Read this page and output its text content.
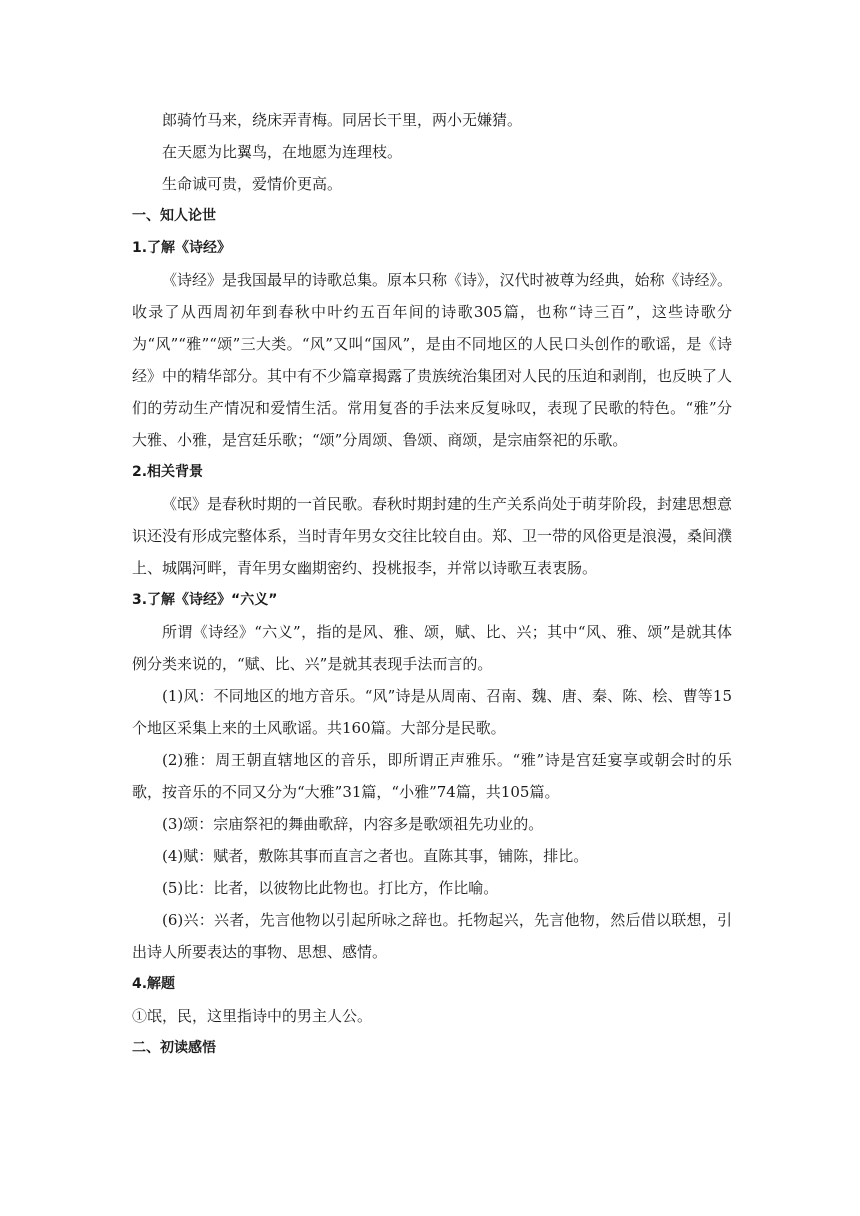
郎骑竹马来，绕床弄青梅。同居长干里，两小无嫌猜。

在天愿为比翼鸟，在地愿为连理枝。

生命诚可贵，爱情价更高。

一、知人论世

1.了解《诗经》

《诗经》是我国最早的诗歌总集。原本只称《诗》，汉代时被尊为经典，始称《诗经》。收录了从西周初年到春秋中叶约五百年间的诗歌305篇，也称“诗三百”，这些诗歌分为“风”“雅”“颂”三大类。“风”又叫“国风”，是由不同地区的人民口头创作的歌谣，是《诗经》中的精华部分。其中有不少篇章揭露了贵族统治集团对人民的压迫和剥削，也反映了人们的劳动生产情况和爱情生活。常用复沓的手法来反复咏叹，表现了民歌的特色。“雅”分大雅、小雅，是宫廷乐歌；“颂”分周颂、鲁颂、商颂，是宗庙祭祀的乐歌。

2.相关背景

《氓》是春秋时期的一首民歌。春秋时期封建的生产关系尚处于萌芽阶段，封建思想意识还没有形成完整体系，当时青年男女交往比较自由。郑、卫一带的风俗更是浪漫，桑间濮上、城隅河畔，青年男女幽期密约、投桃报李，并常以诗歌互表衷肠。

3.了解《诗经》“六义”

所谓《诗经》“六义”，指的是风、雅、颂，赋、比、兴；其中“风、雅、颂”是就其体例分类来说的，“赋、比、兴”是就其表现手法而言的。

(1)风：不同地区的地方音乐。“风”诗是从周南、召南、魏、唐、秦、陈、桧、曹等15个地区采集上来的土风歌谣。共160篇。大部分是民歌。

(2)雅：周王朝直辖地区的音乐，即所谓正声雅乐。“雅”诗是宫廷宴享或朝会时的乐歌，按音乐的不同又分为“大雅”31篇，“小雅”74篇，共105篇。

(3)颂：宗庙祭祀的舞曲歌辞，内容多是歌颂祖先功业的。

(4)赋：赋者，敷陈其事而直言之者也。直陈其事，铺陈，排比。

(5)比：比者，以彼物比此物也。打比方，作比喻。

(6)兴：兴者，先言他物以引起所咏之辞也。托物起兴，先言他物，然后借以联想，引出诗人所要表达的事物、思想、感情。

4.解题

①氓，民，这里指诗中的男主人公。

二、初读感悟
